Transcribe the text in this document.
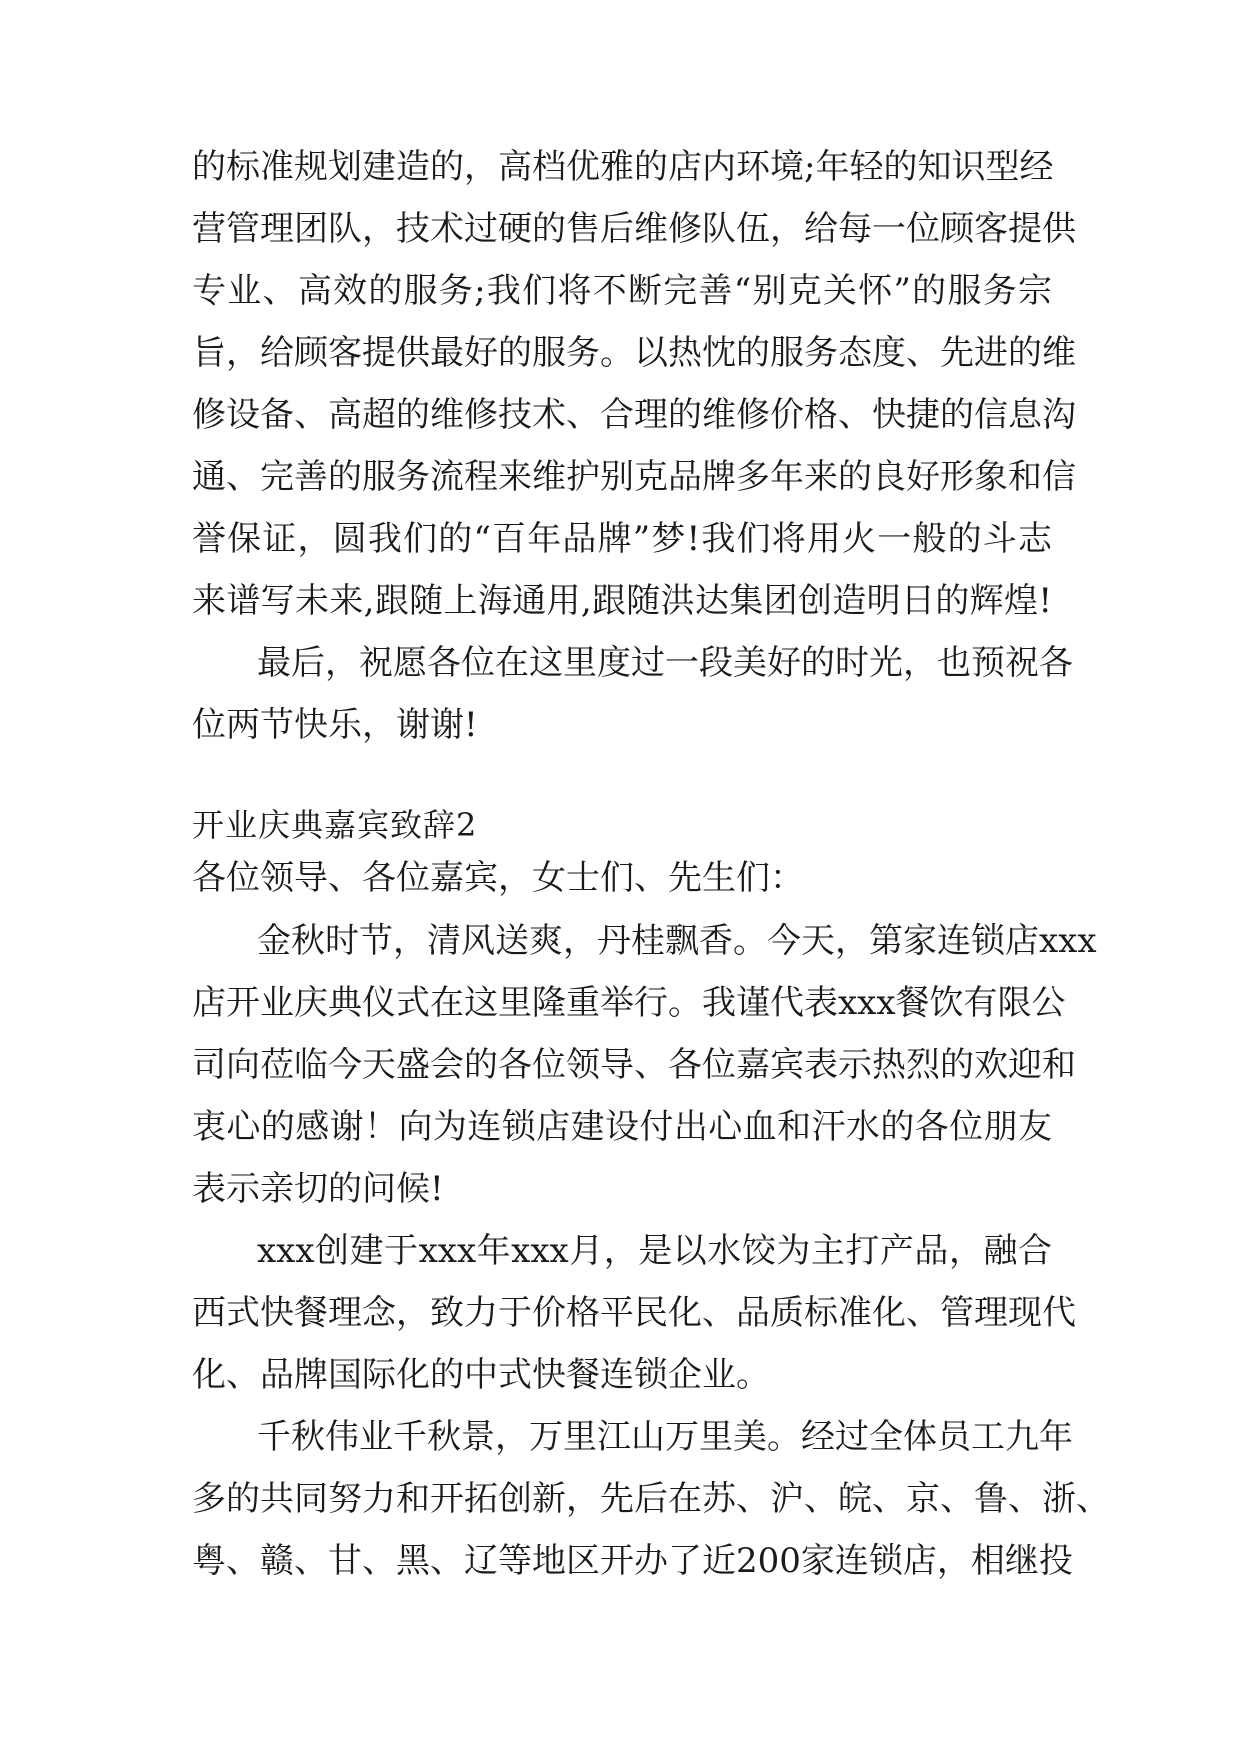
的标准规划建造的，高档优雅的店内环境;年轻的知识型经
营管理团队，技术过硬的售后维修队伍，给每一位顾客提供
专业、高效的服务;我们将不断完善“别克关怀”的服务宗
旨，给顾客提供最好的服务。以热忱的服务态度、先进的维
修设备、高超的维修技术、合理的维修价格、快捷的信息沟
通、完善的服务流程来维护别克品牌多年来的良好形象和信
誉保证，圆我们的“百年品牌”梦!我们将用火一般的斗志
来谱写未来,跟随上海通用,跟随洪达集团创造明日的辉煌!
最后，祝愿各位在这里度过一段美好的时光，也预祝各
位两节快乐，谢谢!
开业庆典嘉宾致辞2
各位领导、各位嘉宾，女士们、先生们：
金秋时节，清风送爽，丹桂飘香。今天，第家连锁店xxx
店开业庆典仪式在这里隆重举行。我谨代表xxx餐饮有限公
司向莅临今天盛会的各位领导、各位嘉宾表示热烈的欢迎和
衷心的感谢！向为连锁店建设付出心血和汗水的各位朋友
表示亲切的问候!
xxx创建于xxx年xxx月，是以水饺为主打产品，融合
西式快餐理念，致力于价格平民化、品质标准化、管理现代
化、品牌国际化的中式快餐连锁企业。
千秋伟业千秋景，万里江山万里美。经过全体员工九年
多的共同努力和开拓创新，先后在苏、沪、皖、京、鲁、浙、
粤、赣、甘、黑、辽等地区开办了近200家连锁店，相继投
